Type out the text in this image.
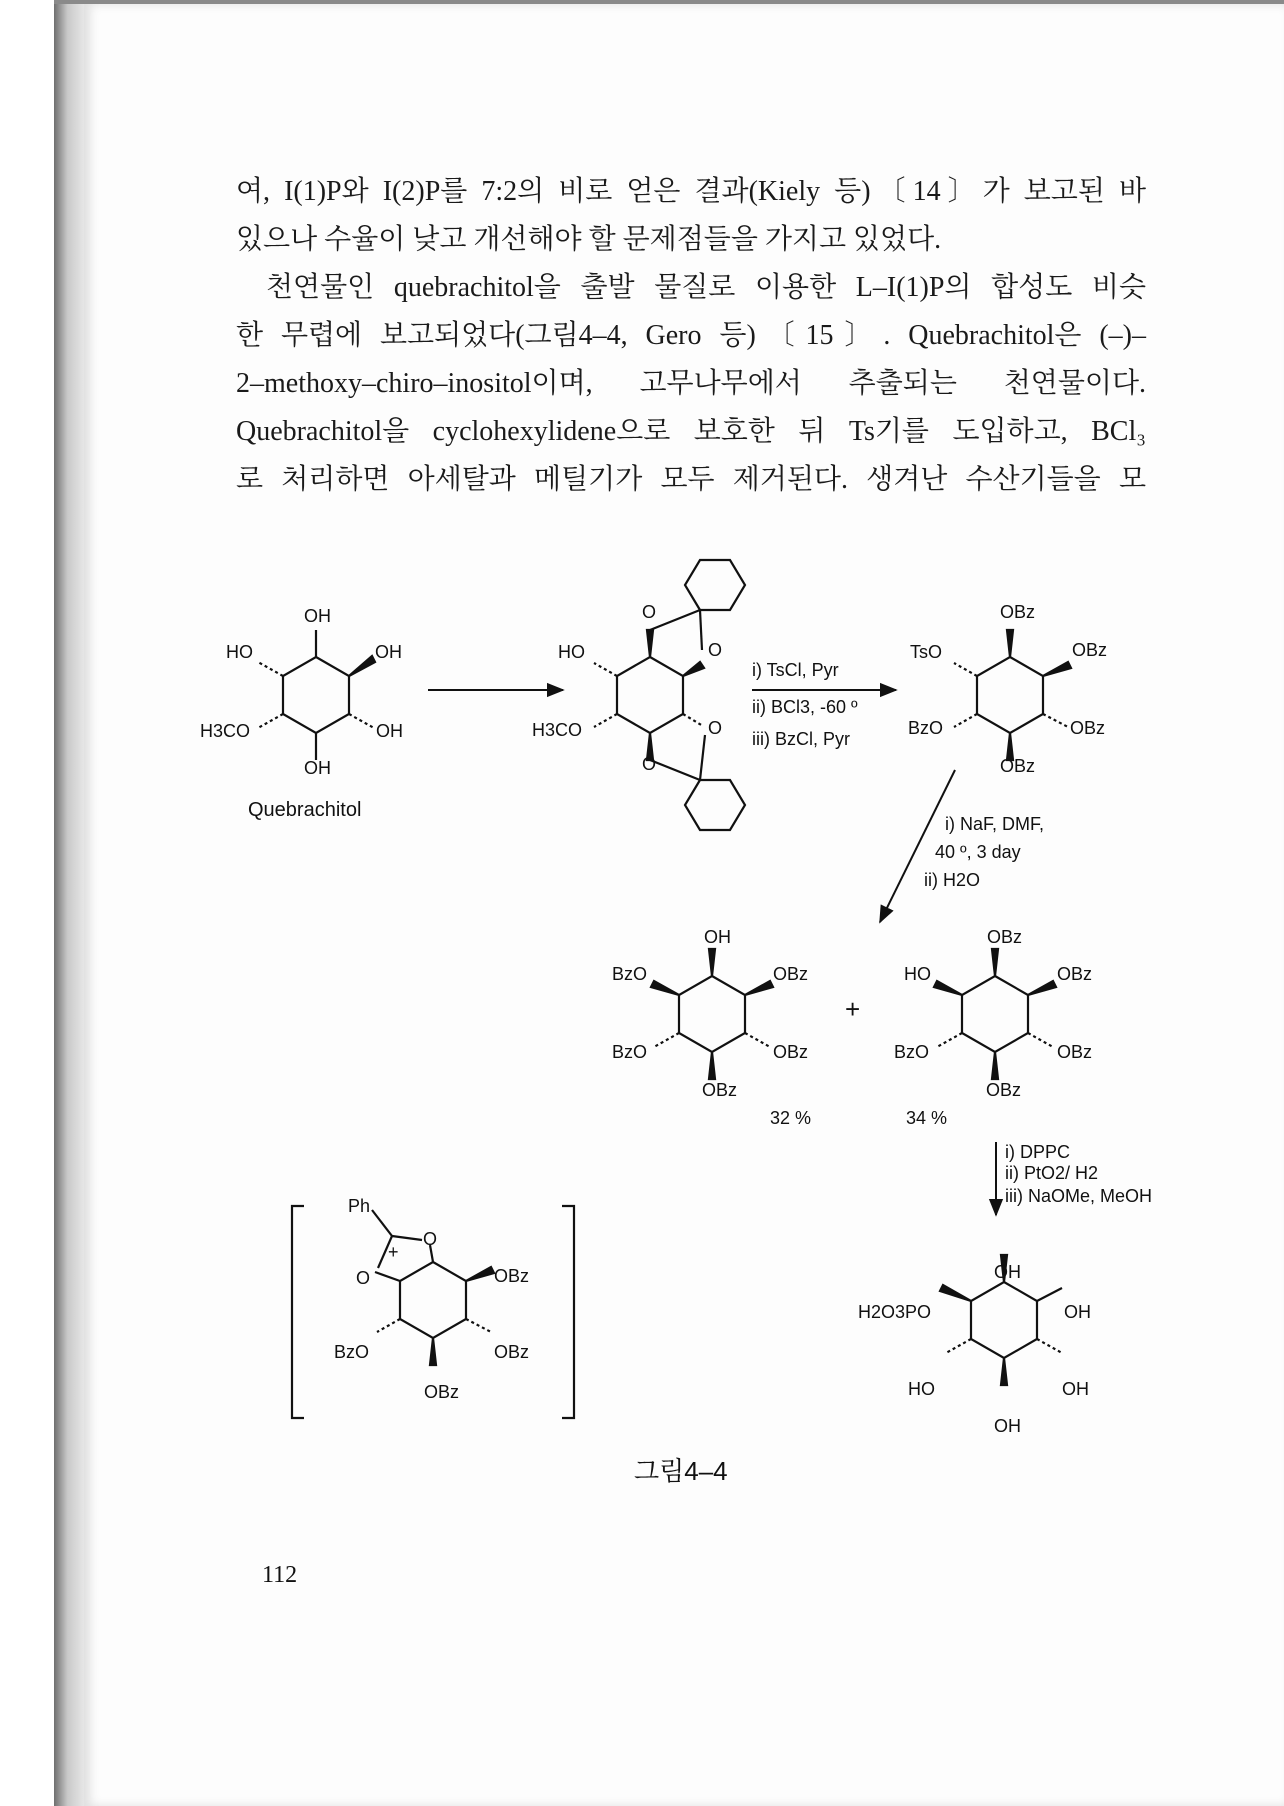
여, I(1)P와 I(2)P를 7:2의 비로 얻은 결과(Kiely 등)〔14〕가 보고된 바

있으나 수율이 낮고 개선해야 할 문제점들을 가지고 있었다.

천연물인 quebrachitol을 출발 물질로 이용한 L–I(1)P의 합성도 비슷

한 무렵에 보고되었다(그림4–4, Gero 등)〔15〕. Quebrachitol은 (–)–

2–methoxy–chiro–inositol이며, 고무나무에서 추출되는 천연물이다.

Quebrachitol을 cyclohexylidene으로 보호한 뒤 Ts기를 도입하고, BCl₃

로 처리하면 아세탈과 메틸기가 모두 제거된다. 생겨난 수산기들을 모

OH
HO	OH
H3CO	OH
OH
Quebrachitol
O
O
O
O
HO
H3CO
i) TsCl, Pyr
ii) BCl3, -60 º
iii) BzCl, Pyr
OBz
TsO	OBz
BzO	OBz
OBz
i) NaF, DMF,
40 º, 3 day
ii) H2O
OH
BzO	OBz
BzO	OBz
OBz
32 %
+
OBz
HO	OBz
BzO	OBz
OBz
34 %
i) DPPC
ii) PtO2/ H2
iii) NaOMe, MeOH
Ph
+
O
O	OBz
BzO	OBz
OBz
OH
H2O3PO	OH
HO	OH
OH
그림4–4
112
